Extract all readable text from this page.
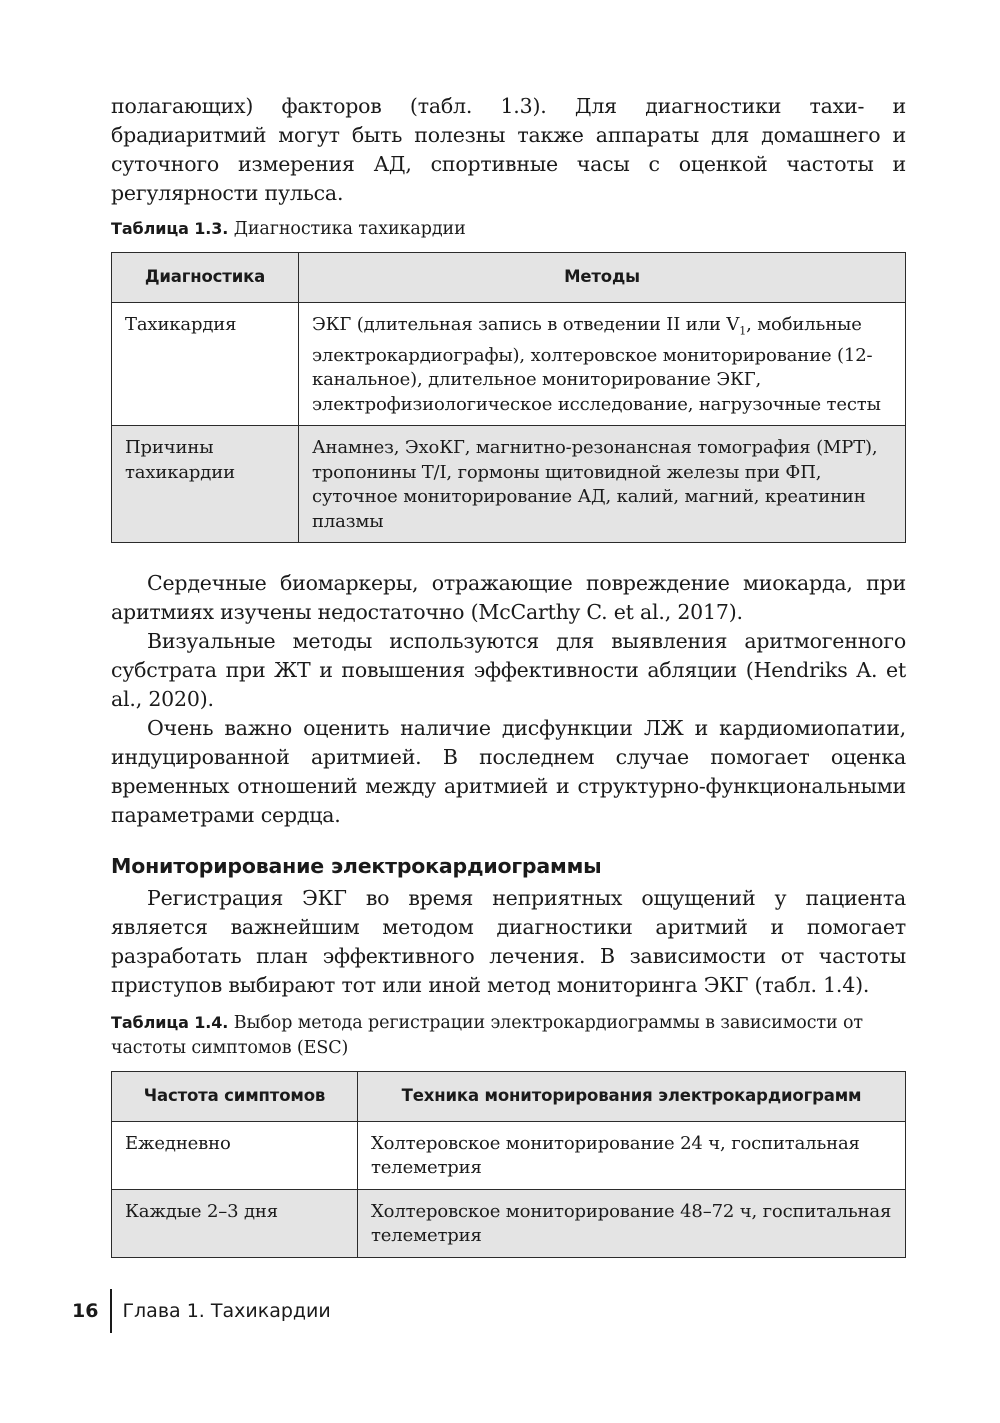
полагающих) факторов (табл. 1.3). Для диагностики тахи- и брадиаритмий могут быть полезны также аппараты для домашнего и суточного измерения АД, спортивные часы с оценкой частоты и регулярности пульса.

Таблица 1.3. Диагностика тахикардии

Диагностика	Методы
Тахикардия	ЭКГ (длительная запись в отведении II или $V_1$, мобильные электрокардиографы), холтеровское мониторирование (12-канальное), длительное мониторирование ЭКГ, электрофизиологическое исследование, нагрузочные тесты
Причины тахикардии	Анамнез, ЭхоКГ, магнитно-резонансная томография (МРТ), тропонины T/I, гормоны щитовидной железы при ФП, суточное мониторирование АД, калий, магний, креатинин плазмы

Сердечные биомаркеры, отражающие повреждение миокарда, при аритмиях изучены недостаточно (McCarthy C. et al., 2017).

Визуальные методы используются для выявления аритмогенного субстрата при ЖТ и повышения эффективности абляции (Hendriks A. et al., 2020).

Очень важно оценить наличие дисфункции ЛЖ и кардиомиопатии, индуцированной аритмией. В последнем случае помогает оценка временных отношений между аритмией и структурно-функциональными параметрами сердца.

Мониторирование электрокардиограммы

Регистрация ЭКГ во время неприятных ощущений у пациента является важнейшим методом диагностики аритмий и помогает разработать план эффективного лечения. В зависимости от частоты приступов выбирают тот или иной метод мониторинга ЭКГ (табл. 1.4).

Таблица 1.4. Выбор метода регистрации электрокардиограммы в зависимости от частоты симптомов (ESC)

Частота симптомов	Техника мониторирования электрокардиограмм
Ежедневно	Холтеровское мониторирование 24 ч, госпитальная телеметрия
Каждые 2–3 дня	Холтеровское мониторирование 48–72 ч, госпитальная телеметрия
16 Глава 1. Тахикардии
